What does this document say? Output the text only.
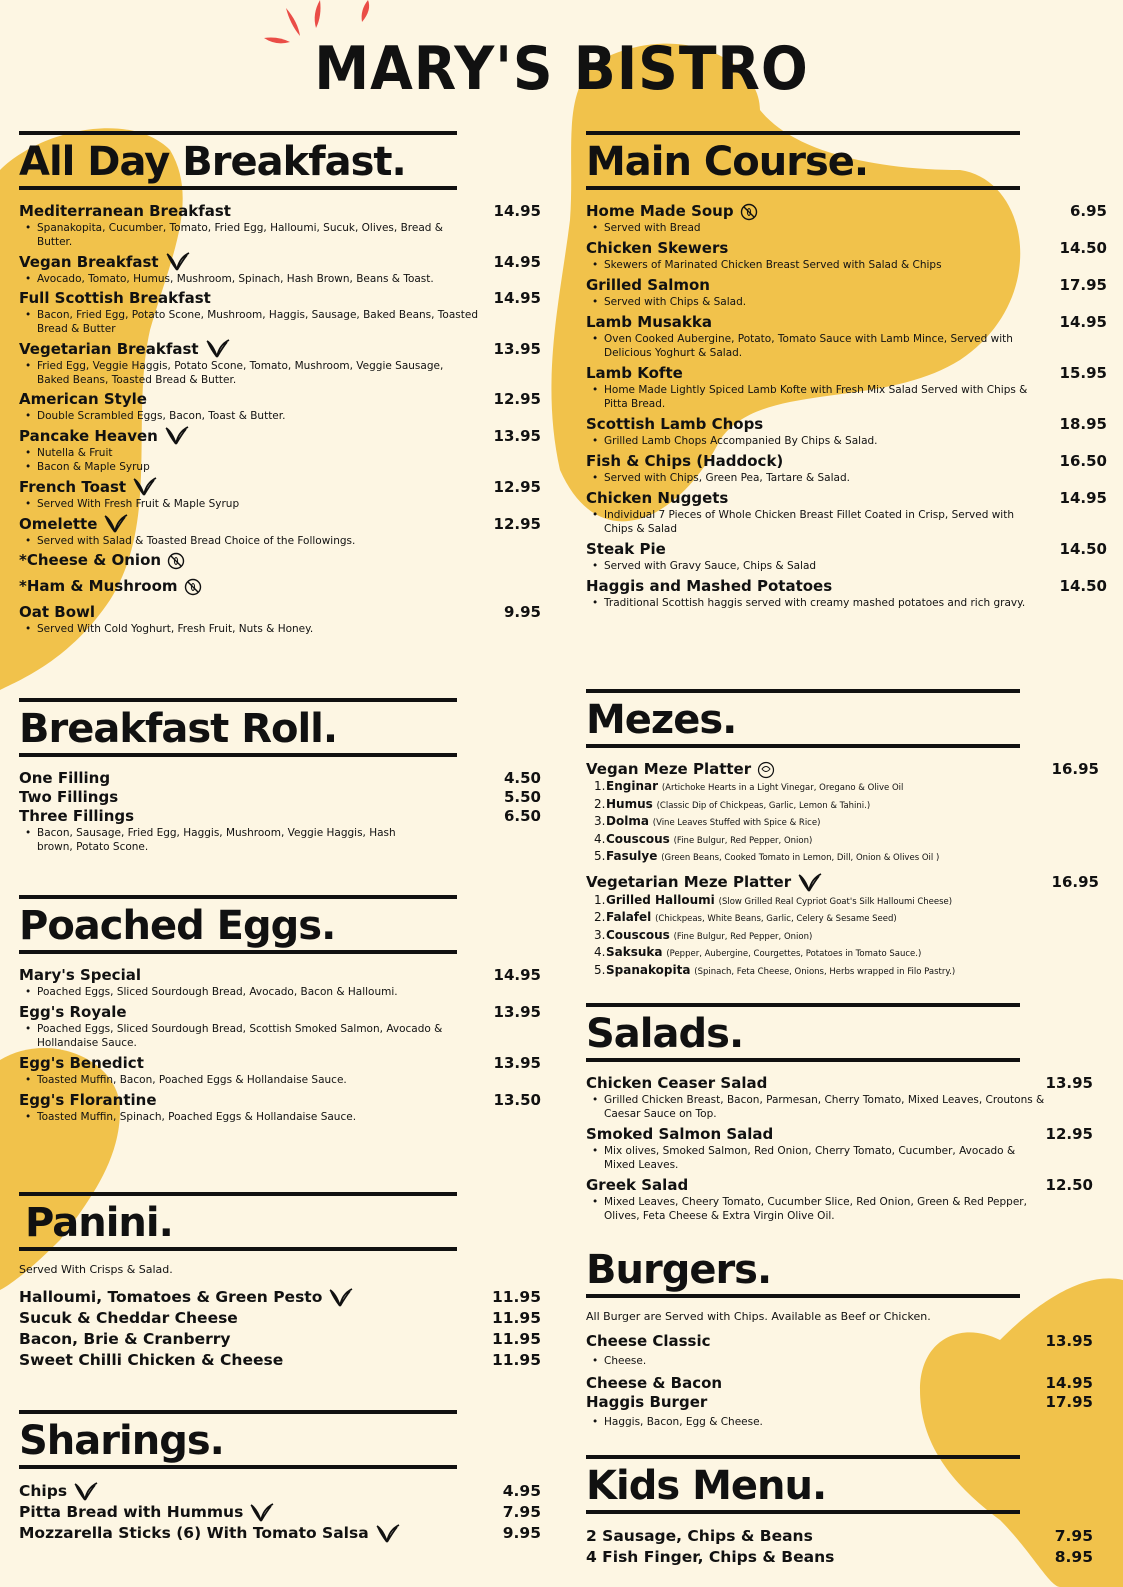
MARY'S BISTRO
All Day Breakfast.
Mediterranean Breakfast	14.95
• Spanakopita, Cucumber, Tomato, Fried Egg, Halloumi, Sucuk, Olives, Bread & Butter.
Vegan Breakfast	14.95
• Avocado, Tomato, Humus, Mushroom, Spinach, Hash Brown, Beans & Toast.
Full Scottish Breakfast	14.95
• Bacon, Fried Egg, Potato Scone, Mushroom, Haggis, Sausage, Baked Beans, Toasted Bread & Butter
Vegetarian Breakfast	13.95
• Fried Egg, Veggie Haggis, Potato Scone, Tomato, Mushroom, Veggie Sausage, Baked Beans, Toasted Bread & Butter.
American Style	12.95
• Double Scrambled Eggs, Bacon, Toast & Butter.
Pancake Heaven	13.95
• Nutella & Fruit
• Bacon & Maple Syrup
French Toast	12.95
• Served With Fresh Fruit & Maple Syrup
Omelette	12.95
• Served with Salad & Toasted Bread Choice of the Followings.
*Cheese & Onion
*Ham & Mushroom
Oat Bowl	9.95
• Served With Cold Yoghurt, Fresh Fruit, Nuts & Honey.
Breakfast Roll.
One Filling	4.50
Two Fillings	5.50
Three Fillings	6.50
• Bacon, Sausage, Fried Egg, Haggis, Mushroom, Veggie Haggis, Hash brown, Potato Scone.
Poached Eggs.
Mary's Special	14.95
• Poached Eggs, Sliced Sourdough Bread, Avocado, Bacon & Halloumi.
Egg's Royale	13.95
• Poached Eggs, Sliced Sourdough Bread, Scottish Smoked Salmon, Avocado & Hollandaise Sauce.
Egg's Benedict	13.95
• Toasted Muffin, Bacon, Poached Eggs & Hollandaise Sauce.
Egg's Florantine	13.50
• Toasted Muffin, Spinach, Poached Eggs & Hollandaise Sauce.
Panini.
Served With Crisps & Salad.
Halloumi, Tomatoes & Green Pesto	11.95
Sucuk & Cheddar Cheese	11.95
Bacon, Brie & Cranberry	11.95
Sweet Chilli Chicken & Cheese	11.95
Sharings.
Chips	4.95
Pitta Bread with Hummus	7.95
Mozzarella Sticks (6) With Tomato Salsa	9.95
Main Course.
Home Made Soup	6.95
• Served with Bread
Chicken Skewers	14.50
• Skewers of Marinated Chicken Breast Served with Salad & Chips
Grilled Salmon	17.95
• Served with Chips & Salad.
Lamb Musakka	14.95
• Oven Cooked Aubergine, Potato, Tomato Sauce with Lamb Mince, Served with Delicious Yoghurt & Salad.
Lamb Kofte	15.95
• Home Made Lightly Spiced Lamb Kofte with Fresh Mix Salad Served with Chips & Pitta Bread.
Scottish Lamb Chops	18.95
• Grilled Lamb Chops Accompanied By Chips & Salad.
Fish & Chips (Haddock)	16.50
• Served with Chips, Green Pea, Tartare & Salad.
Chicken Nuggets	14.95
• Individual 7 Pieces of Whole Chicken Breast Fillet Coated in Crisp, Served with Chips & Salad
Steak Pie	14.50
• Served with Gravy Sauce, Chips & Salad
Haggis and Mashed Potatoes	14.50
• Traditional Scottish haggis served with creamy mashed potatoes and rich gravy.
Mezes.
Vegan Meze Platter	16.95
1.Enginar (Artichoke Hearts in a Light Vinegar, Oregano & Olive Oil
2.Humus (Classic Dip of Chickpeas, Garlic, Lemon & Tahini.)
3.Dolma (Vine Leaves Stuffed with Spice & Rice)
4.Couscous (Fine Bulgur, Red Pepper, Onion)
5.Fasulye (Green Beans, Cooked Tomato in Lemon, Dill, Onion & Olives Oil )
Vegetarian Meze Platter	16.95
1.Grilled Halloumi (Slow Grilled Real Cypriot Goat's Silk Halloumi Cheese)
2.Falafel (Chickpeas, White Beans, Garlic, Celery & Sesame Seed)
3.Couscous (Fine Bulgur, Red Pepper, Onion)
4.Saksuka (Pepper, Aubergine, Courgettes, Potatoes in Tomato Sauce.)
5.Spanakopita (Spinach, Feta Cheese, Onions, Herbs wrapped in Filo Pastry.)
Salads.
Chicken Ceaser Salad	13.95
• Grilled Chicken Breast, Bacon, Parmesan, Cherry Tomato, Mixed Leaves, Croutons & Caesar Sauce on Top.
Smoked Salmon Salad	12.95
• Mix olives, Smoked Salmon, Red Onion, Cherry Tomato, Cucumber, Avocado & Mixed Leaves.
Greek Salad	12.50
• Mixed Leaves, Cheery Tomato, Cucumber Slice, Red Onion, Green & Red Pepper, Olives, Feta Cheese & Extra Virgin Olive Oil.
Burgers.
All Burger are Served with Chips. Available as Beef or Chicken.
Cheese Classic	13.95
• Cheese.
Cheese & Bacon	14.95
Haggis Burger	17.95
• Haggis, Bacon, Egg & Cheese.
Kids Menu.
2 Sausage, Chips & Beans	7.95
4 Fish Finger, Chips & Beans	8.95
